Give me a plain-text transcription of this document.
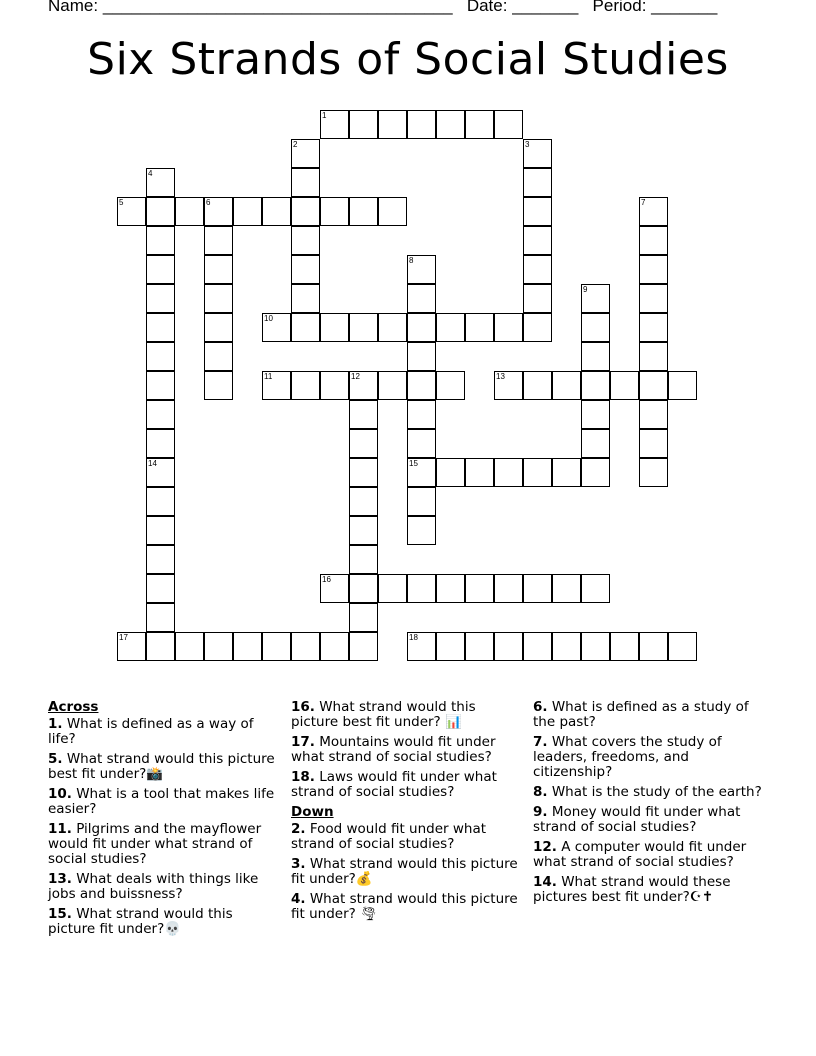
Name: _____________________________________ Date: _______ Period: _______
Six Strands of Social Studies
1
2	3
4
5	6	7
8
15
9
10
11	12	13
14
16
17	18
Across
1. What is defined as a way of life?
5. What strand would this picture best fit under?📸
10. What is a tool that makes life easier?
11. Pilgrims and the mayflower would fit under what strand of social studies?
13. What deals with things like jobs and buissness?
15. What strand would this picture fit under?💀
16. What strand would this picture best fit under? 📊
17. Mountains would fit under what strand of social studies?
18. Laws would fit under what strand of social studies?
Down
2. Food would fit under what strand of social studies?
3. What strand would this picture fit under?💰
4. What strand would this picture fit under? 🌪
6. What is defined as a study of the past?
7. What covers the study of leaders, freedoms, and citizenship?
8. What is the study of the earth?
9. Money would fit under what strand of social studies?
12. A computer would fit under what strand of social studies?
14. What strand would these pictures best fit under?☪✝
